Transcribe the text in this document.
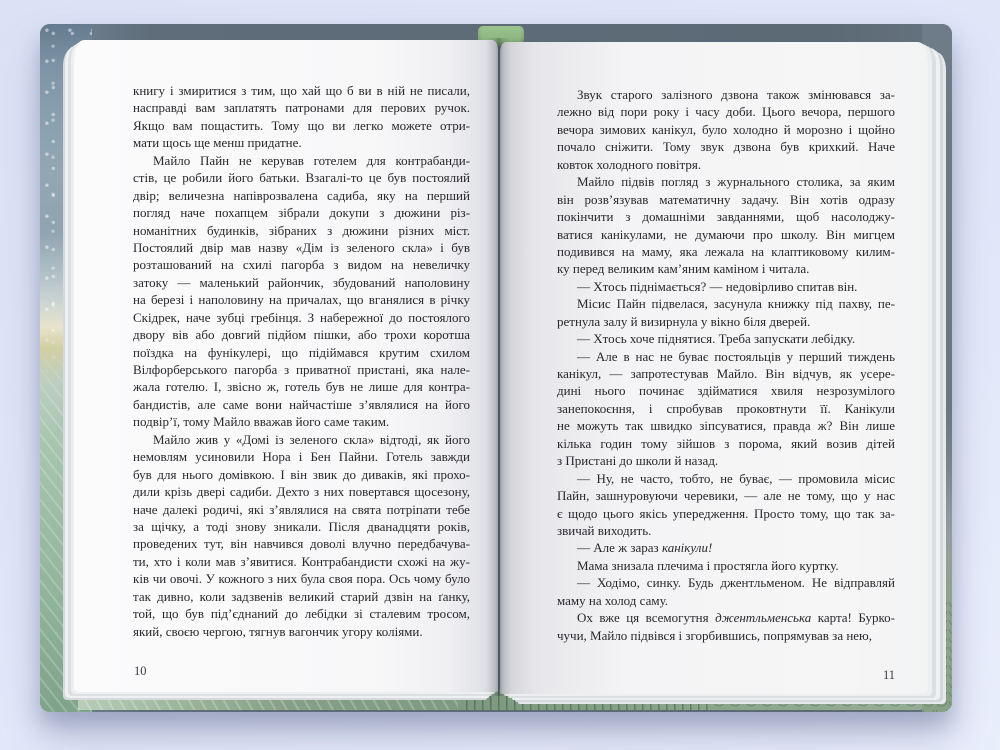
книгу і змиритися з тим, що хай що б ви в ній не писали,
насправді вам заплатять патронами для перових ручок.
Якщо вам пощастить. Тому що ви легко можете отри-
мати щось ще менш придатне.
Майло Пайн не керував готелем для контрабанди-
стів, це робили його батьки. Взагалі-то це був постоялий
двір; величезна напіврозвалена садиба, яку на перший
погляд наче похапцем зібрали докупи з дюжини різ-
номанітних будинків, зібраних з дюжини різних міст.
Постоялий двір мав назву «Дім із зеленого скла» і був
розташований на схилі пагорба з видом на невеличку
затоку — маленький райончик, збудований наполовину
на березі і наполовину на причалах, що вганялися в річку
Скідрек, наче зубці гребінця. З набережної до постоялого
двору вів або довгий підйом пішки, або трохи коротша
поїздка на фунікулері, що підіймався крутим схилом
Вілфорберського пагорба з приватної пристані, яка нале-
жала готелю. І, звісно ж, готель був не лише для контра-
бандистів, але саме вони найчастіше з’являлися на його
подвір’ї, тому Майло вважав його саме таким.
Майло жив у «Домі із зеленого скла» відтоді, як його
немовлям усиновили Нора і Бен Пайни. Готель завжди
був для нього домівкою. І він звик до диваків, які прохо-
дили крізь двері садиби. Дехто з них повертався щосезону,
наче далекі родичі, які з’являлися на свята потріпати тебе
за щічку, а тоді знову зникали. Після дванадцяти років,
проведених тут, він навчився доволі влучно передбачува-
ти, хто і коли мав з’явитися. Контрабандисти схожі на жу-
ків чи овочі. У кожного з них була своя пора. Ось чому було
так дивно, коли задзвенів великий старий дзвін на ґанку,
той, що був під’єднаний до лебідки зі сталевим тросом,
який, своєю чергою, тягнув вагончик угору коліями.
Звук старого залізного дзвона також змінювався за-
лежно від пори року і часу доби. Цього вечора, першого
вечора зимових канікул, було холодно й морозно і щойно
почало сніжити. Тому звук дзвона був крихкий. Наче
ковток холодного повітря.
Майло підвів погляд з журнального столика, за яким
він розв’язував математичну задачу. Він хотів одразу
покінчити з домашніми завданнями, щоб насолоджу-
ватися канікулами, не думаючи про школу. Він мигцем
подивився на маму, яка лежала на клаптиковому килим-
ку перед великим кам’яним каміном і читала.
— Хтось піднімається? — недовірливо спитав він.
Місис Пайн підвелася, засунула книжку під пахву, пе-
ретнула залу й визирнула у вікно біля дверей.
— Хтось хоче піднятися. Треба запускати лебідку.
— Але в нас не буває постояльців у перший тиждень
канікул, — запротестував Майло. Він відчув, як усере-
дині нього починає здійматися хвиля незрозумілого
занепокоєння, і спробував проковтнути її. Канікули
не можуть так швидко зіпсуватися, правда ж? Він лише
кілька годин тому зійшов з порома, який возив дітей
з Пристані до школи й назад.
— Ну, не часто, тобто, не буває, — промовила місис
Пайн, зашнуровуючи черевики, — але не тому, що у нас
є щодо цього якісь упередження. Просто тому, що так за-
звичай виходить.
— Але ж зараз канікули!
Мама знизала плечима і простягла його куртку.
— Ходімо, синку. Будь джентльменом. Не відправляй
маму на холод саму.
Ох вже ця всемогутня джентльменська карта! Бурко-
чучи, Майло підвівся і згорбившись, попрямував за нею,
10	11
